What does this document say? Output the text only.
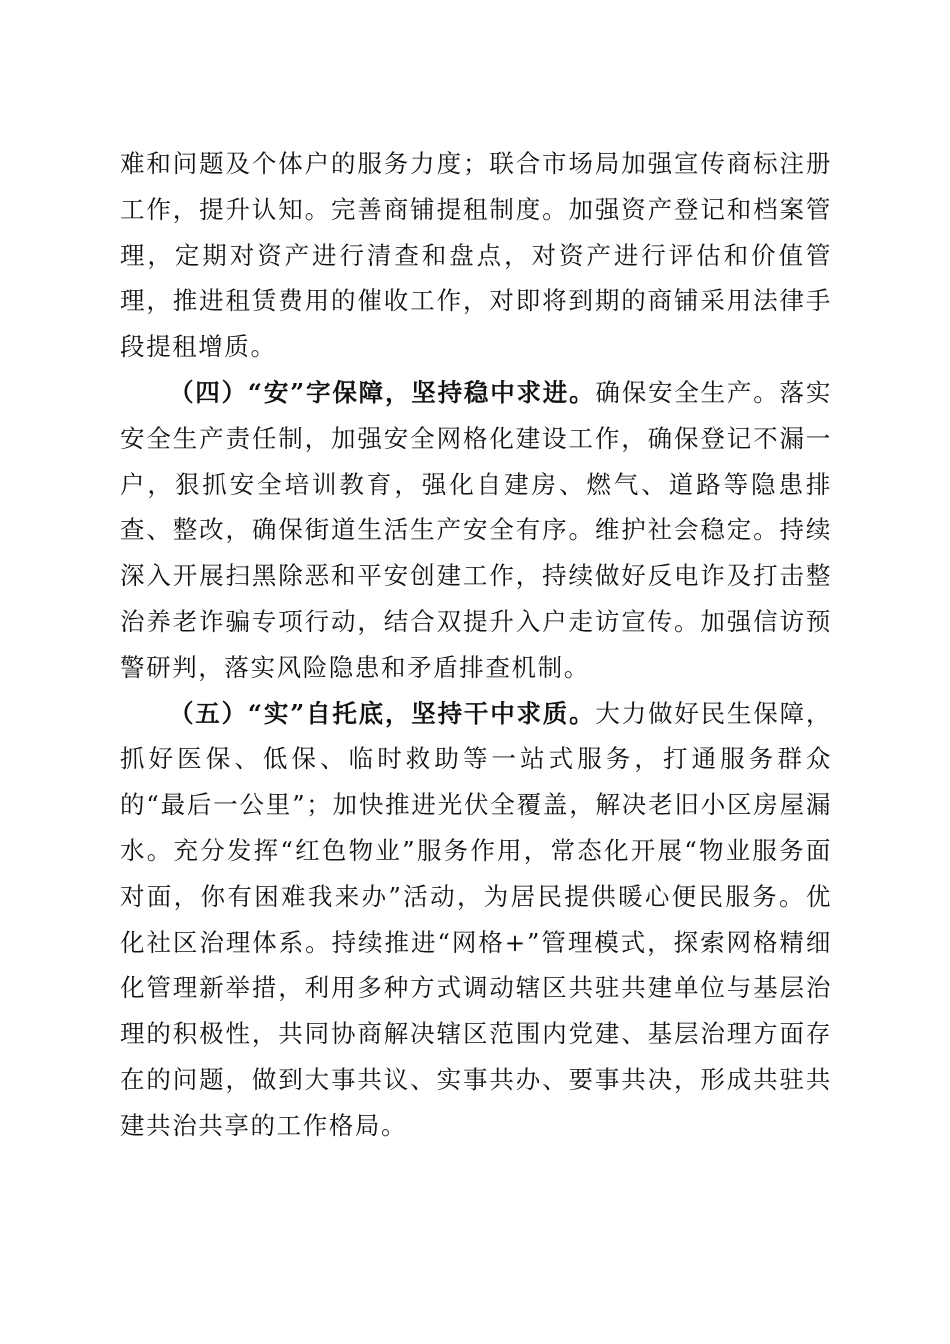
难和问题及个体户的服务力度；联合市场局加强宣传商标注册工作，提升认知。完善商铺提租制度。加强资产登记和档案管理，定期对资产进行清查和盘点，对资产进行评估和价值管理，推进租赁费用的催收工作，对即将到期的商铺采用法律手段提租增质。

（四）“安”字保障，坚持稳中求进。确保安全生产。落实安全生产责任制，加强安全网格化建设工作，确保登记不漏一户，狠抓安全培训教育，强化自建房、燃气、道路等隐患排查、整改，确保街道生活生产安全有序。维护社会稳定。持续深入开展扫黑除恶和平安创建工作，持续做好反电诈及打击整治养老诈骗专项行动，结合双提升入户走访宣传。加强信访预警研判，落实风险隐患和矛盾排查机制。

（五）“实”自托底，坚持干中求质。大力做好民生保障，抓好医保、低保、临时救助等一站式服务，打通服务群众的“最后一公里”；加快推进光伏全覆盖，解决老旧小区房屋漏水。充分发挥“红色物业”服务作用，常态化开展“物业服务面对面，你有困难我来办”活动，为居民提供暖心便民服务。优化社区治理体系。持续推进“网格+”管理模式，探索网格精细化管理新举措，利用多种方式调动辖区共驻共建单位与基层治理的积极性，共同协商解决辖区范围内党建、基层治理方面存在的问题，做到大事共议、实事共办、要事共决，形成共驻共建共治共享的工作格局。
